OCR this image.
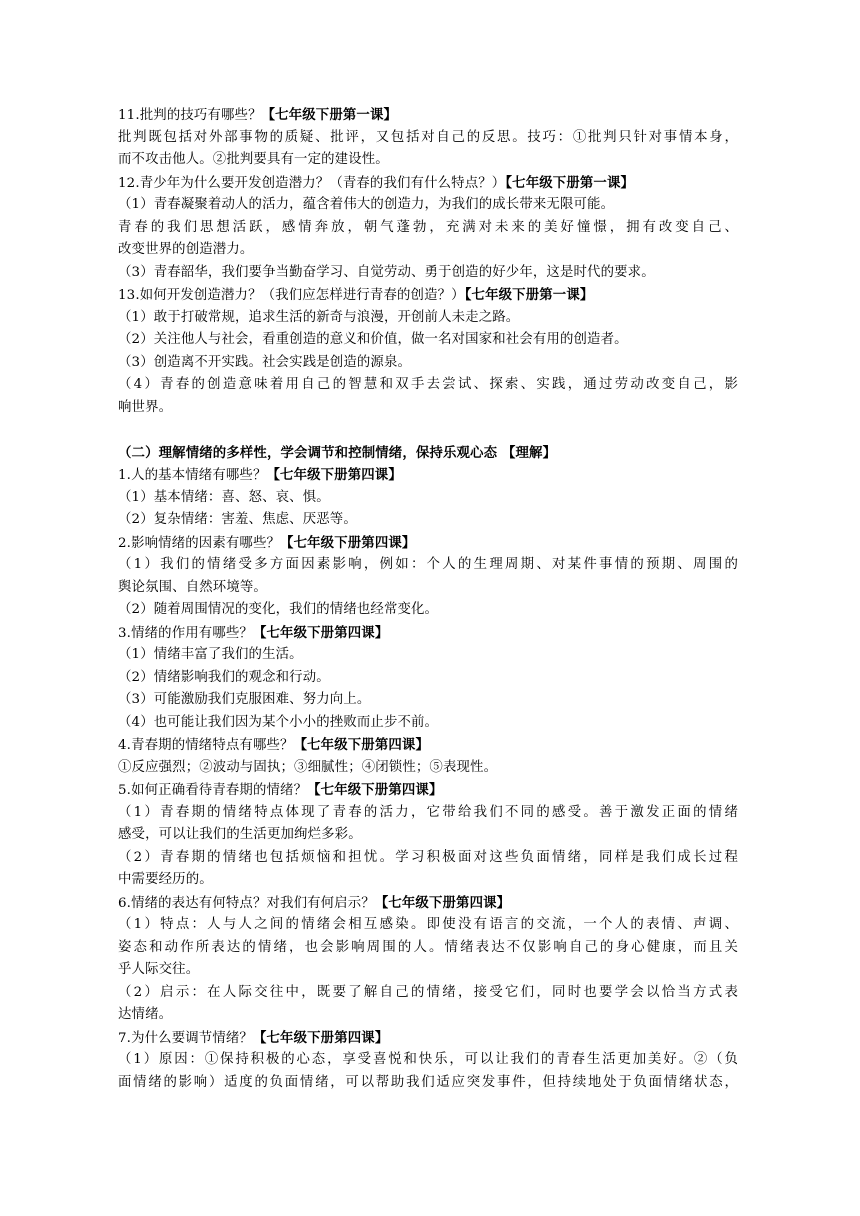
11.批判的技巧有哪些？【七年级下册第一课】
批判既包括对外部事物的质疑、批评，又包括对自己的反思。技巧：①批判只针对事情本身，
而不攻击他人。②批判要具有一定的建设性。
12.青少年为什么要开发创造潜力？（青春的我们有什么特点？）【七年级下册第一课】
（1）青春凝聚着动人的活力，蕴含着伟大的创造力，为我们的成长带来无限可能。
青春的我们思想活跃，感情奔放，朝气蓬勃，充满对未来的美好憧憬，拥有改变自己、
改变世界的创造潜力。
（3）青春韶华，我们要争当勤奋学习、自觉劳动、勇于创造的好少年，这是时代的要求。
13.如何开发创造潜力？（我们应怎样进行青春的创造？）【七年级下册第一课】
（1）敢于打破常规，追求生活的新奇与浪漫，开创前人未走之路。
（2）关注他人与社会，看重创造的意义和价值，做一名对国家和社会有用的创造者。
（3）创造离不开实践。社会实践是创造的源泉。
（4）青春的创造意味着用自己的智慧和双手去尝试、探索、实践，通过劳动改变自己，影
响世界。
（二）理解情绪的多样性，学会调节和控制情绪，保持乐观心态 【理解】
1.人的基本情绪有哪些？【七年级下册第四课】
（1）基本情绪：喜、怒、哀、惧。
（2）复杂情绪：害羞、焦虑、厌恶等。
2.影响情绪的因素有哪些？【七年级下册第四课】
（1）我们的情绪受多方面因素影响，例如：个人的生理周期、对某件事情的预期、周围的
舆论氛围、自然环境等。
（2）随着周围情况的变化，我们的情绪也经常变化。
3.情绪的作用有哪些？【七年级下册第四课】
（1）情绪丰富了我们的生活。
（2）情绪影响我们的观念和行动。
（3）可能激励我们克服困难、努力向上。
（4）也可能让我们因为某个小小的挫败而止步不前。
4.青春期的情绪特点有哪些？【七年级下册第四课】
①反应强烈；②波动与固执；③细腻性；④闭锁性；⑤表现性。
5.如何正确看待青春期的情绪？【七年级下册第四课】
（1）青春期的情绪特点体现了青春的活力，它带给我们不同的感受。善于激发正面的情绪
感受，可以让我们的生活更加绚烂多彩。
（2）青春期的情绪也包括烦恼和担忧。学习积极面对这些负面情绪，同样是我们成长过程
中需要经历的。
6.情绪的表达有何特点？对我们有何启示？【七年级下册第四课】
（1）特点：人与人之间的情绪会相互感染。即使没有语言的交流，一个人的表情、声调、
姿态和动作所表达的情绪，也会影响周围的人。情绪表达不仅影响自己的身心健康，而且关
乎人际交往。
（2）启示：在人际交往中，既要了解自己的情绪，接受它们，同时也要学会以恰当方式表
达情绪。
7.为什么要调节情绪？【七年级下册第四课】
（1）原因：①保持积极的心态，享受喜悦和快乐，可以让我们的青春生活更加美好。②（负
面情绪的影响）适度的负面情绪，可以帮助我们适应突发事件，但持续地处于负面情绪状态，
